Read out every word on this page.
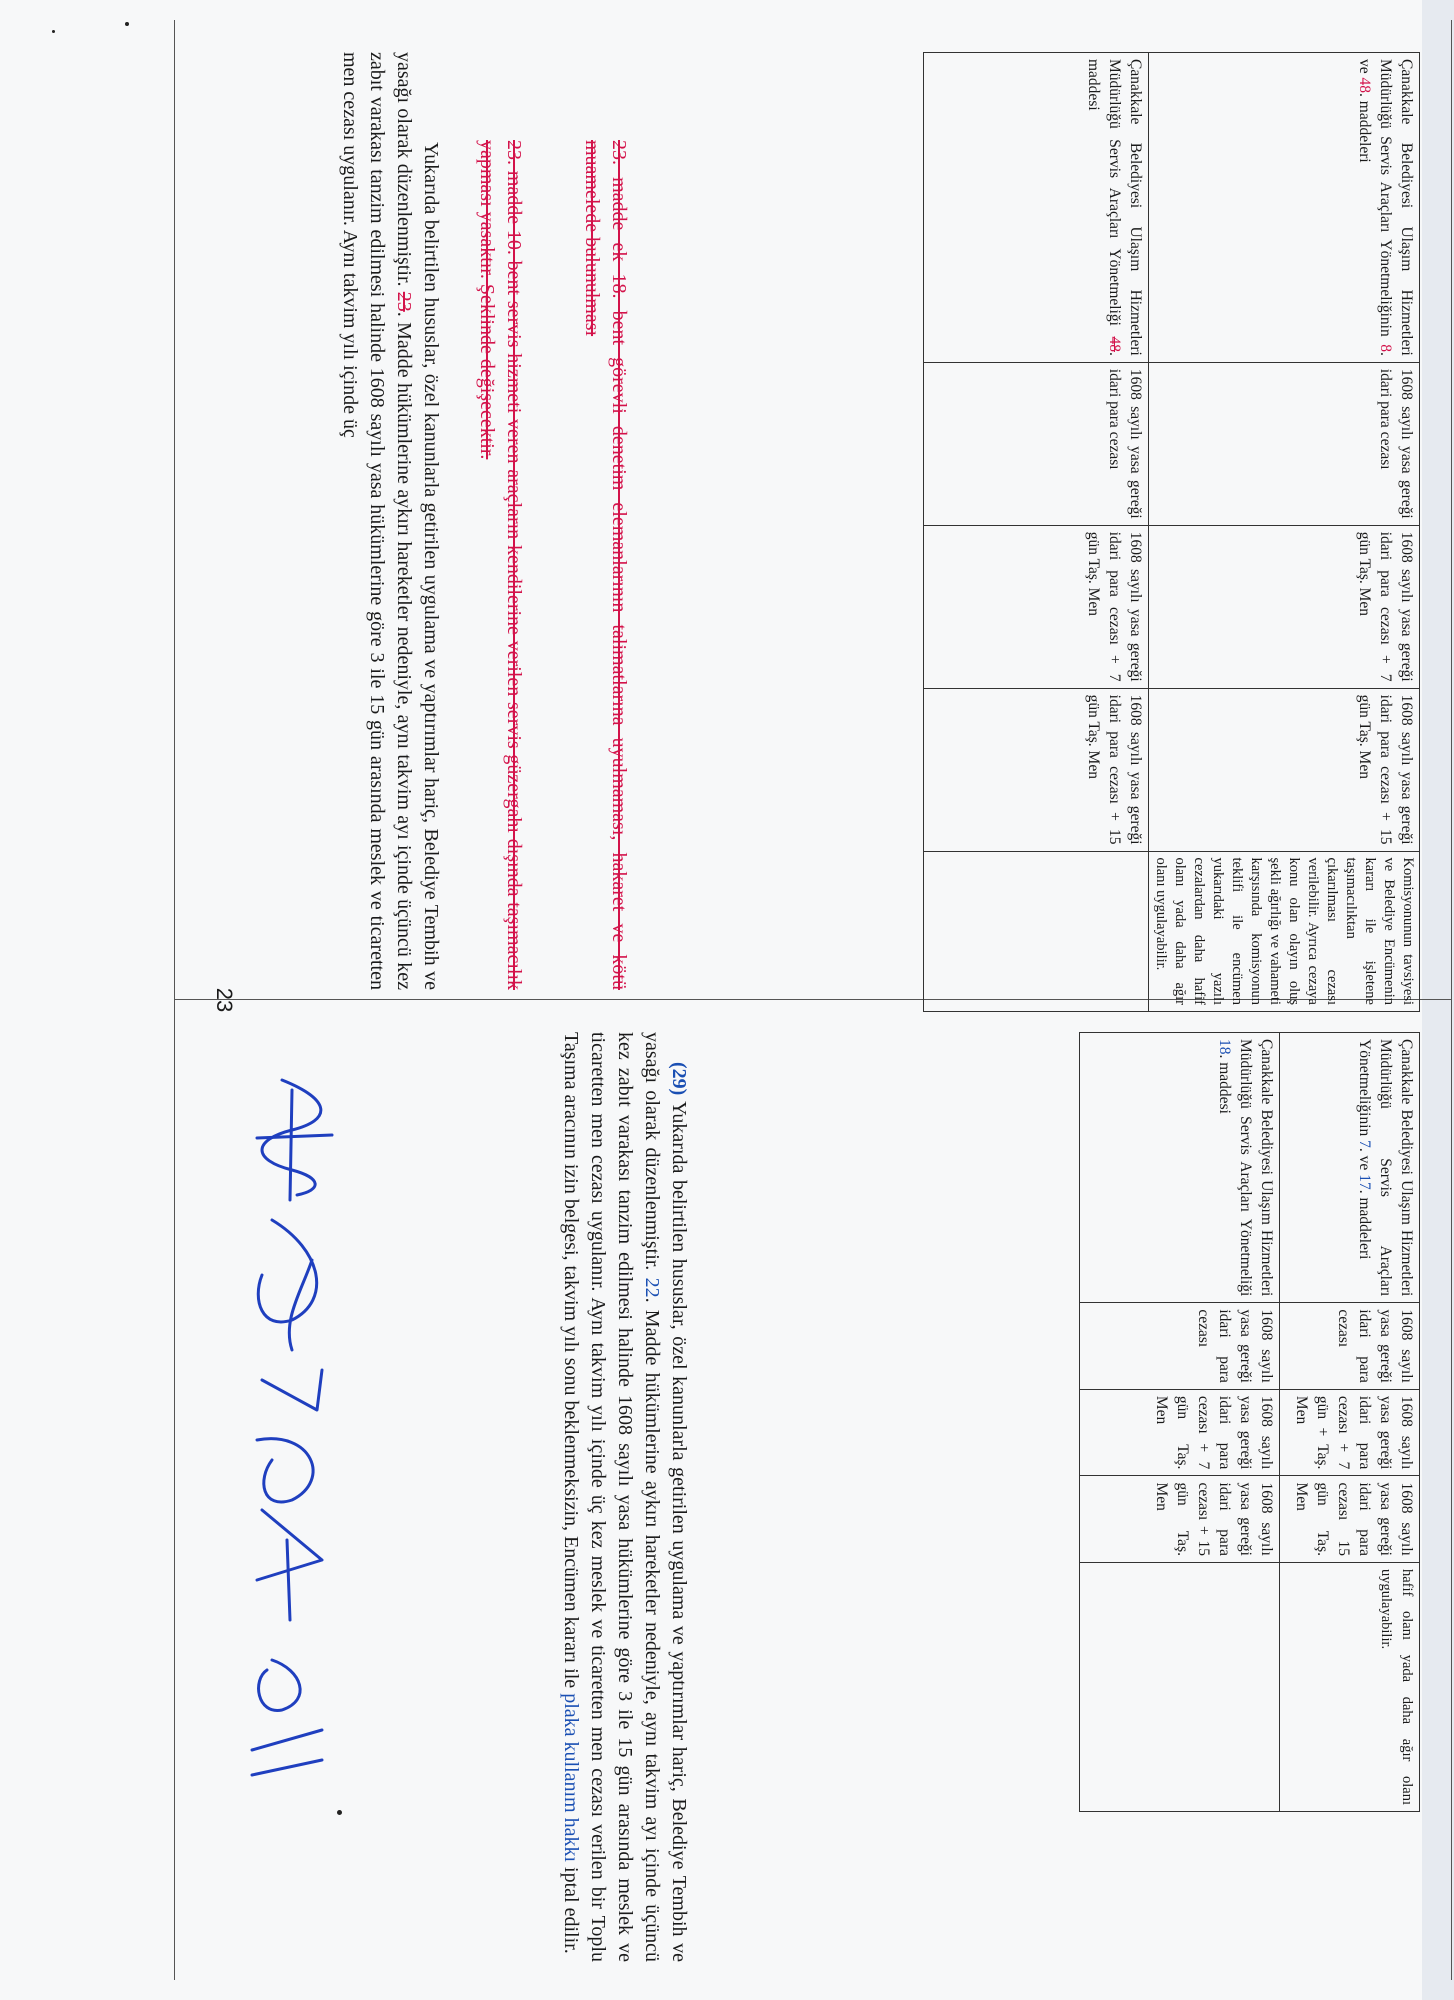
Çanakkale Belediyesi Ulaşım Hizmetleri Müdürlüğü Servis Araçları Yönetmeliğinin 8. ve 48. maddeleri	1608 sayılı yasa gereği idari para cezası	1608 sayılı yasa gereği idari para cezası + 7 gün Taş. Men	1608 sayılı yasa gereği idari para cezası + 15 gün Taş. Men	Komisyonunun tavsiyesi ve Belediye Encümenin kararı ile işletene taşımacılıktan çıkarılması cezası verilebilir. Ayrıca cezaya konu olan olayın oluş şekli ağırlığı ve vahameti karşısında komisyonun teklifi ile encümen yukarıdaki yazılı cezalardan daha hafif olanı yada daha ağır olanı uygulayabilir.
Çanakkale Belediyesi Ulaşım Hizmetleri Müdürlüğü Servis Araçları Yönetmeliği 48. maddesi	1608 sayılı yasa gereği idari para cezası	1608 sayılı yasa gereği idari para cezası + 7 gün Taş. Men	1608 sayılı yasa gereği idari para cezası + 15 gün Taş. Men	
23. madde ek 18. bent görevli denetim elemanlarının talimatlarına uyulmaması, hakaret ve kötü muamelede bulunulması
23. madde 10. bent servis hizmeti veren araçların kendilerine verilen servis güzergahı dışında taşımacılık yapması yasaktır. Şeklinde değişecektir.
Yukarıda belirtilen hususlar, özel kanunlarla getirilen uygulama ve yaptırımlar hariç, Belediye Tembih ve yasağı olarak düzenlenmiştir. 23. Madde hükümlerine aykırı hareketler nedeniyle, aynı takvim ayı içinde üçüncü kez zabıt varakası tanzim edilmesi halinde 1608 sayılı yasa hükümlerine göre 3 ile 15 gün arasında meslek ve ticaretten men cezası uygulanır. Aynı takvim yılı içinde üç
Çanakkale Belediyesi Ulaşım Hizmetleri Müdürlüğü Servis Araçları Yönetmeliğinin 7. ve 17. maddeleri	1608 sayılı yasa gereği idari para cezası	1608 sayılı yasa gereği idari para cezası + 7 gün + Taş. Men	1608 sayılı yasa gereği idari para cezası 15 gün Taş. Men	hafif olanı yada daha ağır olanı uygulayabilir.
Çanakkale Belediyesi Ulaşım Hizmetleri Müdürlüğü Servis Araçları Yönetmeliği 18. maddesi	1608 sayılı yasa gereği idari para cezası	1608 sayılı yasa gereği idari para cezası + 7 gün Taş. Men	1608 sayılı yasa gereği idari para cezası + 15 gün Taş. Men	
(29) Yukarıda belirtilen hususlar, özel kanunlarla getirilen uygulama ve yaptırımlar hariç, Belediye Tembih ve yasağı olarak düzenlenmiştir. 22. Madde hükümlerine aykırı hareketler nedeniyle, aynı takvim ayı içinde üçüncü kez zabıt varakası tanzim edilmesi halinde 1608 sayılı yasa hükümlerine göre 3 ile 15 gün arasında meslek ve ticaretten men cezası uygulanır. Aynı takvim yılı içinde üç kez meslek ve ticaretten men cezası verilen bir Toplu Taşıma aracının izin belgesi, takvim yılı sonu beklenmeksizin, Encümen kararı ile plaka kullanım hakkı iptal edilir.
23
